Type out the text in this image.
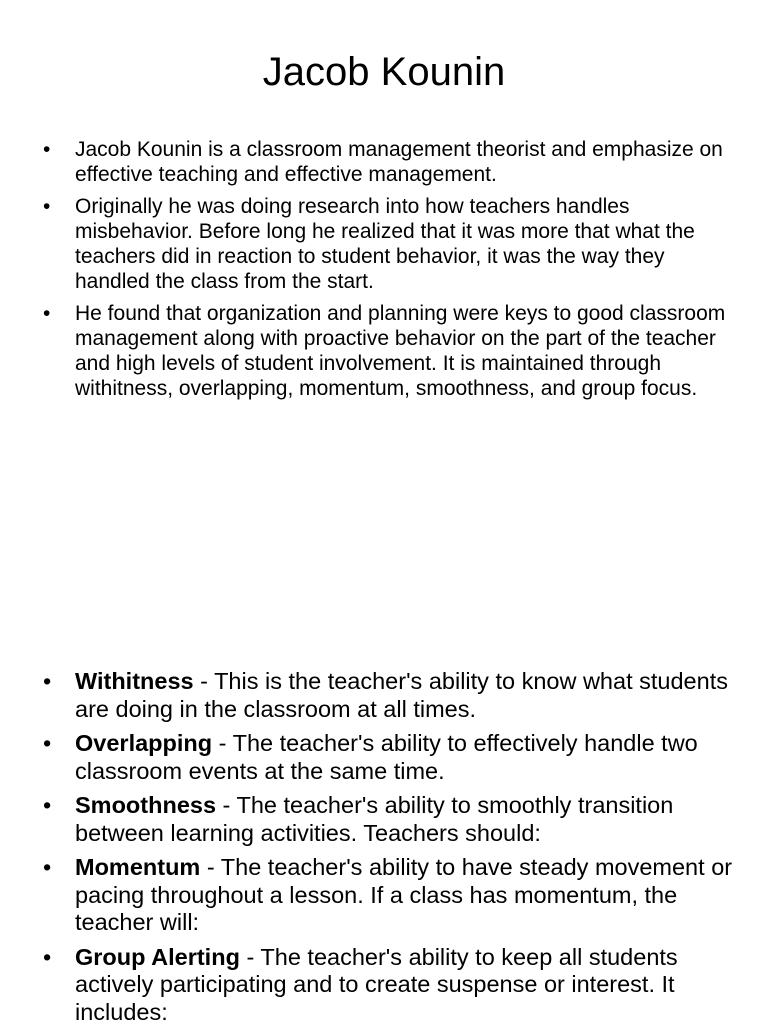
Jacob Kounin
• Jacob Kounin is a classroom management theorist and emphasize on effective teaching and effective management.
• Originally he was doing research into how teachers handles misbehavior. Before long he realized that it was more that what the teachers did in reaction to student behavior, it was the way they handled the class from the start.
• He found that organization and planning were keys to good classroom management along with proactive behavior on the part of the teacher and high levels of student involvement. It is maintained through withitness, overlapping, momentum, smoothness, and group focus.
• Withitness - This is the teacher's ability to know what students are doing in the classroom at all times.
• Overlapping - The teacher's ability to effectively handle two classroom events at the same time.
• Smoothness - The teacher's ability to smoothly transition between learning activities. Teachers should:
• Momentum - The teacher's ability to have steady movement or pacing throughout a lesson. If a class has momentum, the teacher will:
• Group Alerting - The teacher's ability to keep all students actively participating and to create suspense or interest. It includes:
